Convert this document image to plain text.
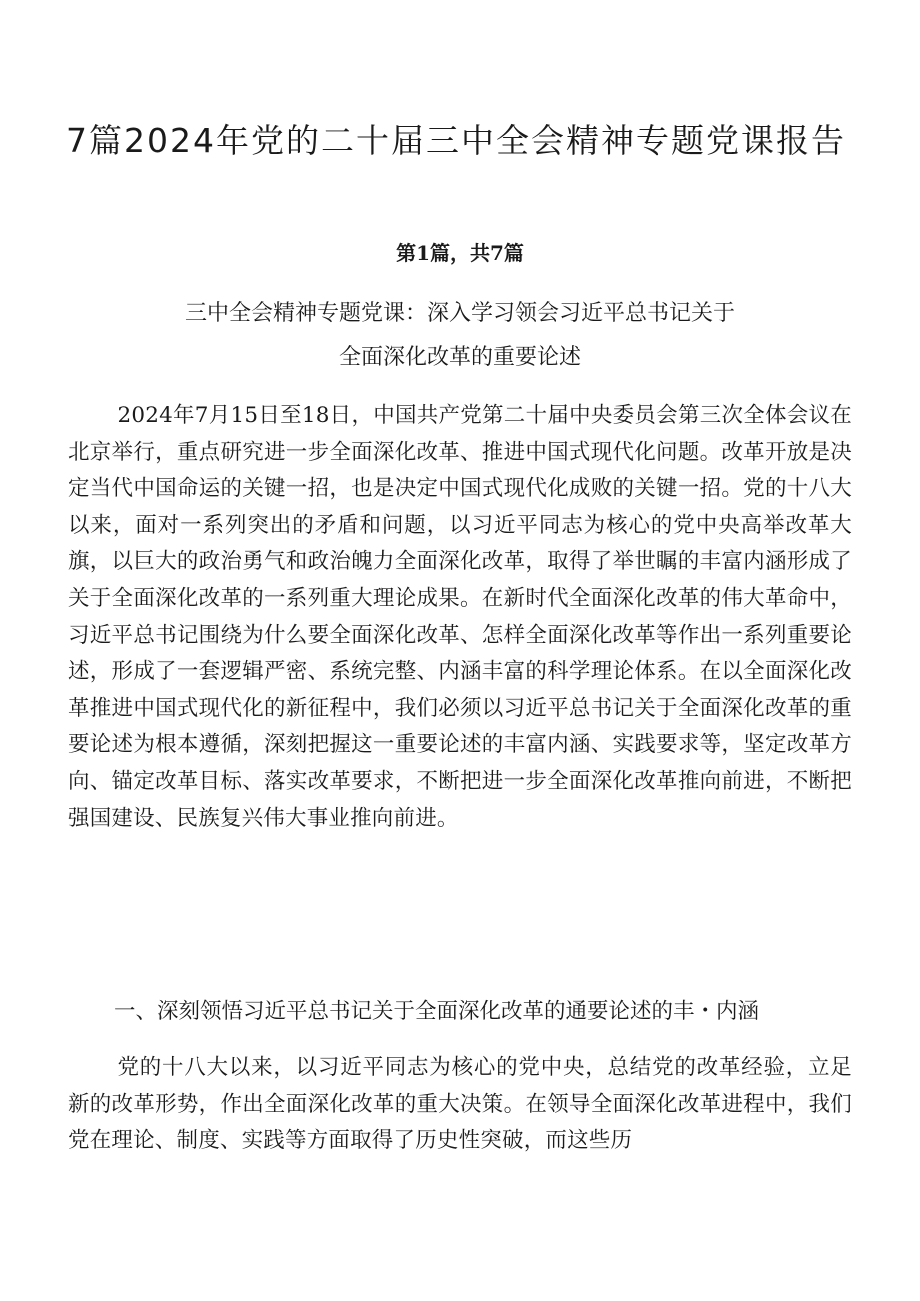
7篇2024年党的二十届三中全会精神专题党课报告
第1篇，共7篇
三中全会精神专题党课：深入学习领会习近平总书记关于
全面深化改革的重要论述

2024年7月15日至18日，中国共产党第二十届中央委员会第三次全体会议在北京举行，重点研究进一步全面深化改革、推进中国式现代化问题。改革开放是决定当代中国命运的关键一招，也是决定中国式现代化成败的关键一招。党的十八大以来，面对一系列突出的矛盾和问题，以习近平同志为核心的党中央高举改革大旗，以巨大的政治勇气和政治魄力全面深化改革，取得了举世瞩的丰富内涵形成了关于全面深化改革的一系列重大理论成果。在新时代全面深化改革的伟大革命中，习近平总书记围绕为什么要全面深化改革、怎样全面深化改革等作出一系列重要论述，形成了一套逻辑严密、系统完整、内涵丰富的科学理论体系。在以全面深化改革推进中国式现代化的新征程中，我们必须以习近平总书记关于全面深化改革的重要论述为根本遵循，深刻把握这一重要论述的丰富内涵、实践要求等，坚定改革方向、锚定改革目标、落实改革要求，不断把进一步全面深化改革推向前进，不断把强国建设、民族复兴伟大事业推向前进。

一、深刻领悟习近平总书记关于全面深化改革的通要论述的丰・内涵

党的十八大以来，以习近平同志为核心的党中央，总结党的改革经验，立足新的改革形势，作出全面深化改革的重大决策。在领导全面深化改革进程中，我们党在理论、制度、实践等方面取得了历史性突破，而这些历
